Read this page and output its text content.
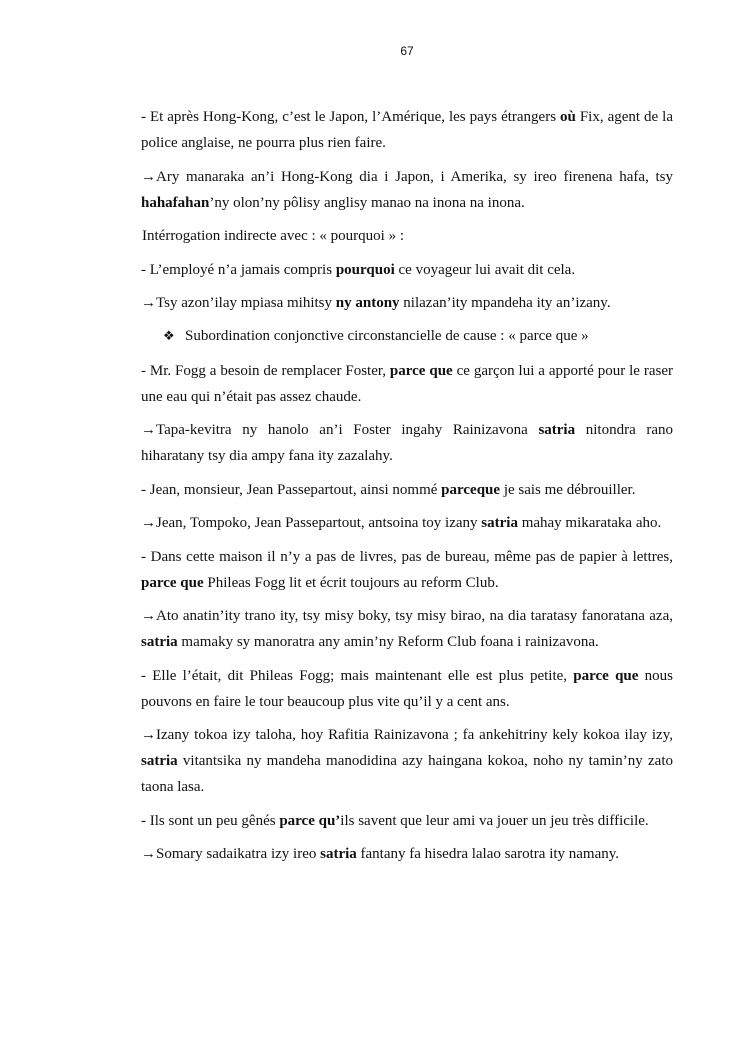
67

- Et après Hong-Kong, c’est le Japon, l’Amérique, les pays étrangers où Fix, agent de la police anglaise, ne pourra plus rien faire.

→Ary manaraka an’i Hong-Kong dia i Japon, i Amerika, sy ireo firenena hafa, tsy hahafahan’ny olon’ny pôlisy anglisy manao na inona na inona.

Intérrogation indirecte avec : « pourquoi » :

- L’employé n’a jamais compris pourquoi ce voyageur lui avait dit cela.

→Tsy azon’ilay mpiasa mihitsy ny antony nilazan’ity mpandeha ity an’izany.

❖ Subordination conjonctive circonstancielle de cause : « parce que »

- Mr. Fogg a besoin de remplacer Foster, parce que ce garçon lui a apporté pour le raser une eau qui n’était pas assez chaude.

→Tapa-kevitra ny hanolo an’i Foster ingahy Rainizavona satria nitondra rano hiharatany tsy dia ampy fana ity zazalahy.

- Jean, monsieur, Jean Passepartout, ainsi nommé parceque je sais me débrouiller.

→Jean, Tompoko, Jean Passepartout, antsoina toy izany satria mahay mikarataka aho.

- Dans cette maison il n’y a pas de livres, pas de bureau, même pas de papier à lettres, parce que Phileas Fogg lit et écrit toujours au reform Club.

→Ato anatin’ity trano ity, tsy misy boky, tsy misy birao, na dia taratasy fanoratana aza, satria mamaky sy manoratra any amin’ny Reform Club foana i rainizavona.

- Elle l’était, dit Phileas Fogg; mais maintenant elle est plus petite, parce que nous pouvons en faire le tour beaucoup plus vite qu’il y a cent ans.

→Izany tokoa izy taloha, hoy Rafitia Rainizavona ; fa ankehitriny kely kokoa ilay izy, satria vitantsika ny mandeha manodidina azy haingana kokoa, noho ny tamin’ny zato taona lasa.

- Ils sont un peu gênés parce qu’ils savent que leur ami va jouer un jeu très difficile.

→Somary sadaikatra izy ireo satria fantany fa hisedra lalao sarotra ity namany.
